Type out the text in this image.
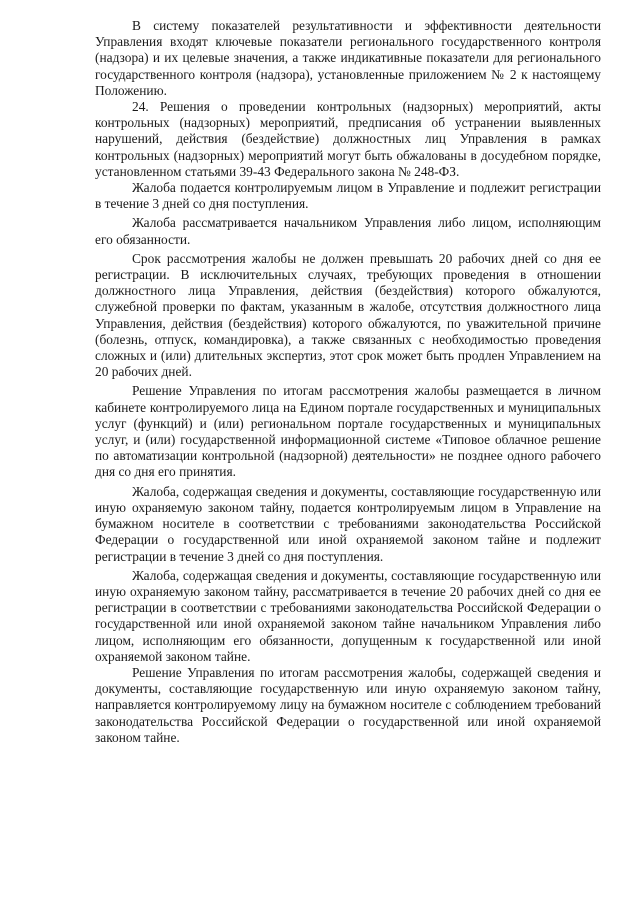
В систему показателей результативности и эффективности деятельности Управления входят ключевые показатели регионального государственного контроля (надзора) и их целевые значения, а также индикативные показатели для регионального государственного контроля (надзора), установленные приложением № 2 к настоящему Положению.

24. Решения о проведении контрольных (надзорных) мероприятий, акты контрольных (надзорных) мероприятий, предписания об устранении выявленных нарушений, действия (бездействие) должностных лиц Управления в рамках контрольных (надзорных) мероприятий могут быть обжалованы в досудебном порядке, установленном статьями 39-43 Федерального закона № 248-ФЗ.

Жалоба подается контролируемым лицом в Управление и подлежит регистрации в течение 3 дней со дня поступления.

Жалоба рассматривается начальником Управления либо лицом, исполняющим его обязанности.

Срок рассмотрения жалобы не должен превышать 20 рабочих дней со дня ее регистрации. В исключительных случаях, требующих проведения в отношении должностного лица Управления, действия (бездействия) которого обжалуются, служебной проверки по фактам, указанным в жалобе, отсутствия должностного лица Управления, действия (бездействия) которого обжалуются, по уважительной причине (болезнь, отпуск, командировка), а также связанных с необходимостью проведения сложных и (или) длительных экспертиз, этот срок может быть продлен Управлением на 20 рабочих дней.

Решение Управления по итогам рассмотрения жалобы размещается в личном кабинете контролируемого лица на Едином портале государственных и муниципальных услуг (функций) и (или) региональном портале государственных и муниципальных услуг, и (или) государственной информационной системе «Типовое облачное решение по автоматизации контрольной (надзорной) деятельности» не позднее одного рабочего дня со дня его принятия.

Жалоба, содержащая сведения и документы, составляющие государственную или иную охраняемую законом тайну, подается контролируемым лицом в Управление на бумажном носителе в соответствии с требованиями законодательства Российской Федерации о государственной или иной охраняемой законом тайне и подлежит регистрации в течение 3 дней со дня поступления.

Жалоба, содержащая сведения и документы, составляющие государственную или иную охраняемую законом тайну, рассматривается в течение 20 рабочих дней со дня ее регистрации в соответствии с требованиями законодательства Российской Федерации о государственной или иной охраняемой законом тайне начальником Управления либо лицом, исполняющим его обязанности, допущенным к государственной или иной охраняемой законом тайне.

Решение Управления по итогам рассмотрения жалобы, содержащей сведения и документы, составляющие государственную или иную охраняемую законом тайну, направляется контролируемому лицу на бумажном носителе с соблюдением требований законодательства Российской Федерации о государственной или иной охраняемой законом тайне.
